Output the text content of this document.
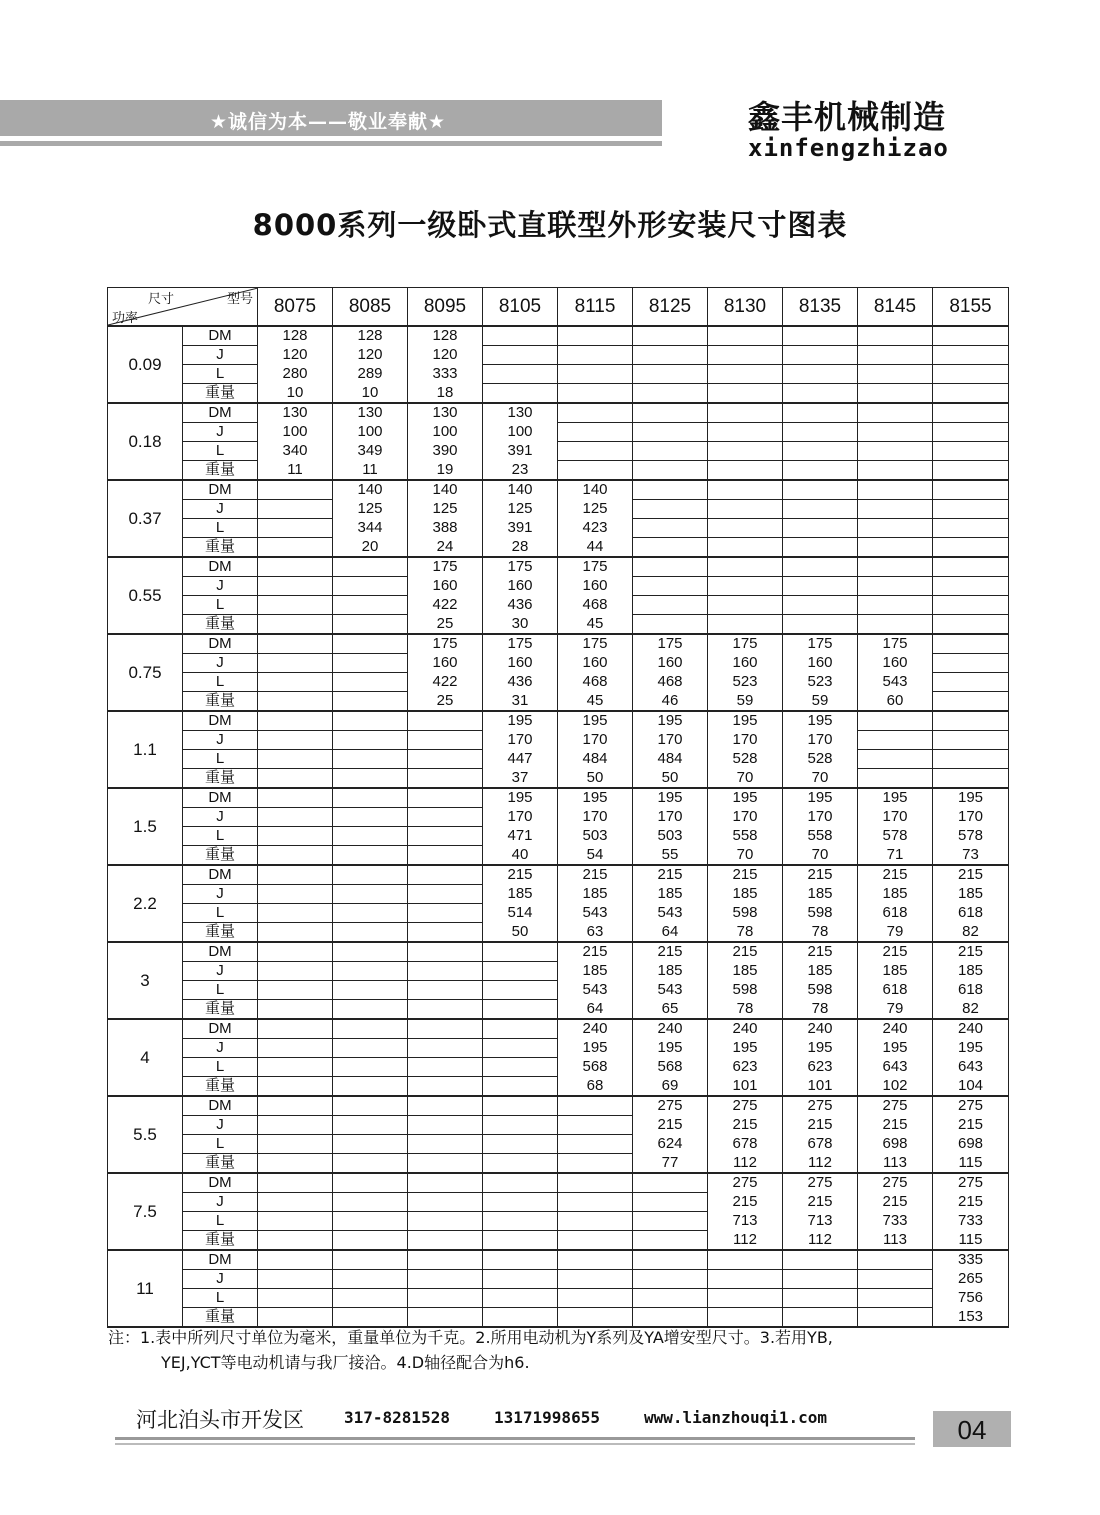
★诚信为本——敬业奉献★	鑫丰机械制造
xinfengzhizao
8000系列一级卧式直联型外形安装尺寸图表
尺寸 型号
功率		8075	8085	8095	8105	8115	8125	8130	8135	8145	8155
0.09	DM	128	128	128							
	J	120	120	120							
	L	280	289	333							
	重量	10	10	18							
0.18	DM	130	130	130	130						
	J	100	100	100	100						
	L	340	349	390	391						
	重量	11	11	19	23						
0.37	DM		140	140	140	140					
	J		125	125	125	125					
	L		344	388	391	423					
	重量		20	24	28	44					
0.55	DM			175	175	175					
	J			160	160	160					
	L			422	436	468					
	重量			25	30	45					
0.75	DM			175	175	175	175	175	175	175	
	J			160	160	160	160	160	160	160	
	L			422	436	468	468	523	523	543	
	重量			25	31	45	46	59	59	60	
1.1	DM				195	195	195	195	195		
	J				170	170	170	170	170		
	L				447	484	484	528	528		
	重量				37	50	50	70	70		
1.5	DM				195	195	195	195	195	195	195
	J				170	170	170	170	170	170	170
	L				471	503	503	558	558	578	578
	重量				40	54	55	70	70	71	73
2.2	DM				215	215	215	215	215	215	215
	J				185	185	185	185	185	185	185
	L				514	543	543	598	598	618	618
	重量				50	63	64	78	78	79	82
3	DM					215	215	215	215	215	215
	J					185	185	185	185	185	185
	L					543	543	598	598	618	618
	重量					64	65	78	78	79	82
4	DM					240	240	240	240	240	240
	J					195	195	195	195	195	195
	L					568	568	623	623	643	643
	重量					68	69	101	101	102	104
5.5	DM						275	275	275	275	275
	J						215	215	215	215	215
	L						624	678	678	698	698
	重量						77	112	112	113	115
7.5	DM							275	275	275	275
	J							215	215	215	215
	L							713	713	733	733
	重量							112	112	113	115
11	DM										335
	J										265
	L										756
	重量										153
注：1.表中所列尺寸单位为毫米，重量单位为千克。2.所用电动机为Y系列及YA增安型尺寸。3.若用YB,
YEJ,YCT等电动机请与我厂接洽。4.D轴径配合为h6.
河北泊头市开发区	317-8281528	13171998655	www.lianzhouqi1.com	04
